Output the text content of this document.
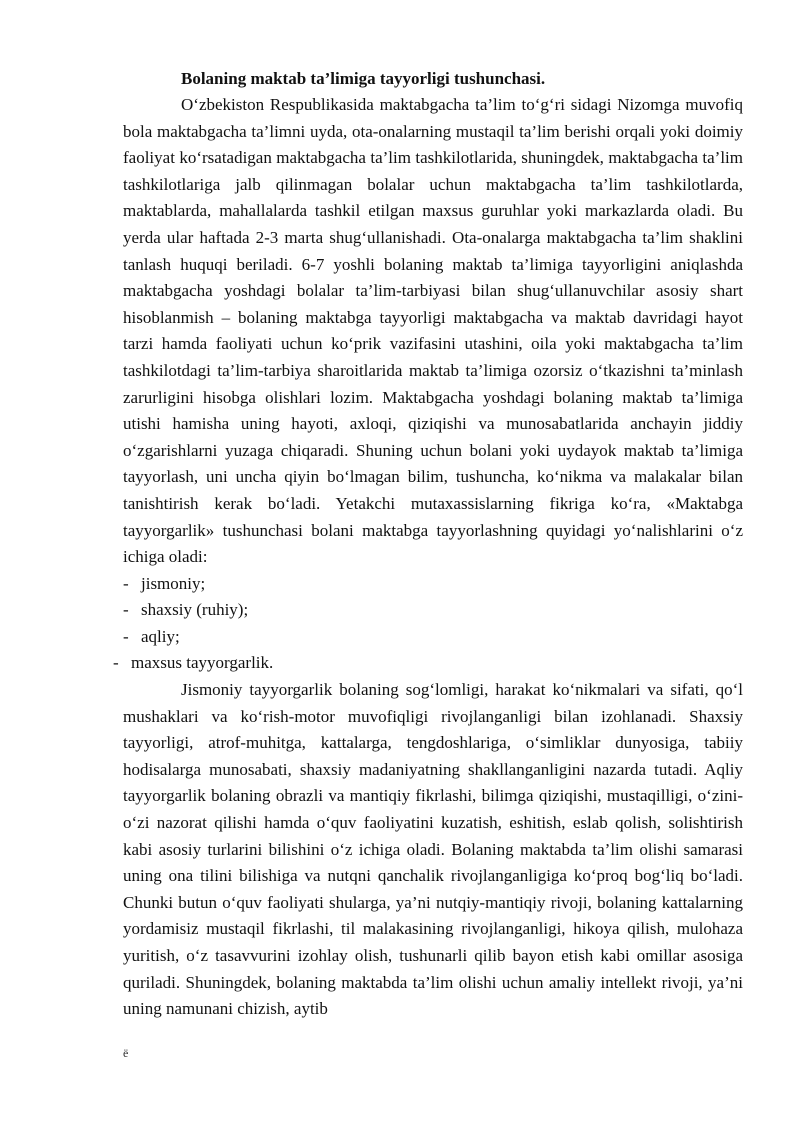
Bolaning maktab ta’limiga tayyorligi tushunchasi.

O‘zbekiston Respublikasida maktabgacha ta’lim to‘g‘ri sidagi Nizomga muvofiq bola maktabgacha ta’limni uyda, ota-onalarning mustaqil ta’lim berishi orqali yoki doimiy faoliyat ko‘rsatadigan maktabgacha ta’lim tashkilotlarida, shuningdek, maktabgacha ta’lim tashkilotlariga jalb qilinmagan bolalar uchun maktabgacha ta’lim tashkilotlarda, maktablarda, mahallalarda tashkil etilgan maxsus guruhlar yoki markazlarda oladi. Bu yerda ular haftada 2-3 marta shug‘ullanishadi. Ota-onalarga maktabgacha ta’lim shaklini tanlash huquqi beriladi. 6-7 yoshli bolaning maktab ta’limiga tayyorligini aniqlashda maktabgacha yoshdagi bolalar ta’lim-tarbiyasi bilan shug‘ullanuvchilar asosiy shart hisoblanmish – bolaning maktabga tayyorligi maktabgacha va maktab davridagi hayot tarzi hamda faoliyati uchun ko‘prik vazifasini utashini, oila yoki maktabgacha ta’lim tashkilotdagi ta’lim-tarbiya sharoitlarida maktab ta’limiga ozorsiz o‘tkazishni ta’minlash zarurligini hisobga olishlari lozim. Maktabgacha yoshdagi bolaning maktab ta’limiga utishi hamisha uning hayoti, axloqi, qiziqishi va munosabatlarida anchayin jiddiy o‘zgarishlarni yuzaga chiqaradi. Shuning uchun bolani yoki uydayok maktab ta’limiga tayyorlash, uni uncha qiyin bo‘lmagan bilim, tushuncha, ko‘nikma va malakalar bilan tanishtirish kerak bo‘ladi. Yetakchi mutaxassislarning fikriga ko‘ra, «Maktabga tayyorgarlik» tushunchasi bolani maktabga tayyorlashning quyidagi yo‘nalishlarini o‘z ichiga oladi:

- jismoniy;
- shaxsiy (ruhiy);
- aqliy;
- maxsus tayyorgarlik.

Jismoniy tayyorgarlik bolaning sog‘lomligi, harakat ko‘nikmalari va sifati, qo‘l mushaklari va ko‘rish-motor muvofiqligi rivojlanganligi bilan izohlanadi. Shaxsiy tayyorligi, atrof-muhitga, kattalarga, tengdoshlariga, o‘simliklar dunyosiga, tabiiy hodisalarga munosabati, shaxsiy madaniyatning shakllanganligini nazarda tutadi. Aqliy tayyorgarlik bolaning obrazli va mantiqiy fikrlashi, bilimga qiziqishi, mustaqilligi, o‘zini-o‘zi nazorat qilishi hamda o‘quv faoliyatini kuzatish, eshitish, eslab qolish, solishtirish kabi asosiy turlarini bilishini o‘z ichiga oladi. Bolaning maktabda ta’lim olishi samarasi uning ona tilini bilishiga va nutqni qanchalik rivojlanganligiga ko‘proq bog‘liq bo‘ladi. Chunki butun o‘quv faoliyati shularga, ya’ni nutqiy-mantiqiy rivoji, bolaning kattalarning yordamisiz mustaqil fikrlashi, til malakasining rivojlanganligi, hikoya qilish, mulohaza yuritish, o‘z tasavvurini izohlay olish, tushunarli qilib bayon etish kabi omillar asosiga quriladi. Shuningdek, bolaning maktabda ta’lim olishi uchun amaliy intellekt rivoji, ya’ni uning namunani chizish, aytib

ё
